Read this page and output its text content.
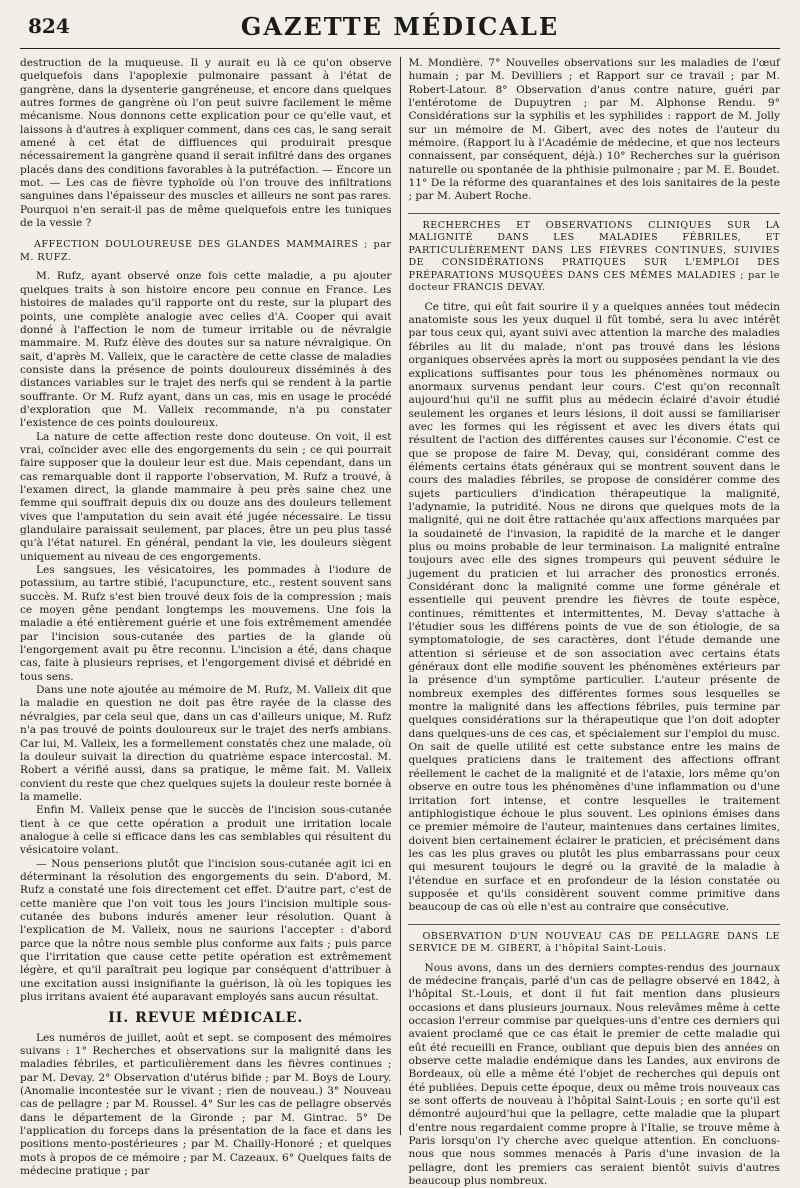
824	GAZETTE MÉDICALE

destruction de la muqueuse. Il y aurait eu là ce qu'on observe quelquefois dans l'apoplexie pulmonaire passant à l'état de gangrène, dans la dysenterie gangréneuse, et encore dans quelques autres formes de gangrène où l'on peut suivre facilement le même mécanisme. Nous donnons cette explication pour ce qu'elle vaut, et laissons à d'autres à expliquer comment, dans ces cas, le sang serait amené à cet état de diffluences qui produirait presque nécessairement la gangrène quand il serait infiltré dans des organes placés dans des conditions favorables à la putréfaction. — Encore un mot. — Les cas de fièvre typhoïde où l'on trouve des infiltrations sanguines dans l'épaisseur des muscles et ailleurs ne sont pas rares. Pourquoi n'en serait-il pas de même quelquefois entre les tuniques de la vessie ?

AFFECTION DOULOUREUSE DES GLANDES MAMMAIRES ; par M. RUFZ.

M. Rufz, ayant observé onze fois cette maladie, a pu ajouter quelques traits à son histoire encore peu connue en France. Les histoires de malades qu'il rapporte ont du reste, sur la plupart des points, une complète analogie avec celles d'A. Cooper qui avait donné à l'affection le nom de tumeur irritable ou de névralgie mammaire. M. Rufz élève des doutes sur sa nature névralgique. On sait, d'après M. Valleix, que le caractère de cette classe de maladies consiste dans la présence de points douloureux disséminés à des distances variables sur le trajet des nerfs qui se rendent à la partie souffrante. Or M. Rufz ayant, dans un cas, mis en usage le procédé d'exploration que M. Valleix recommande, n'a pu constater l'existence de ces points douloureux.

La nature de cette affection reste donc douteuse. On voit, il est vrai, coïncider avec elle des engorgements du sein ; ce qui pourrait faire supposer que la douleur leur est due. Mais cependant, dans un cas remarquable dont il rapporte l'observation, M. Rufz a trouvé, à l'examen direct, la glande mammaire à peu près saine chez une femme qui souffrait depuis dix ou douze ans des douleurs tellement vives que l'amputation du sein avait été jugée nécessaire. Le tissu glandulaire paraissait seulement, par places, être un peu plus tassé qu'à l'état naturel. En général, pendant la vie, les douleurs siègent uniquement au niveau de ces engorgements.

Les sangsues, les vésicatoires, les pommades à l'iodure de potassium, au tartre stibié, l'acupuncture, etc., restent souvent sans succès. M. Rufz s'est bien trouvé deux fois de la compression ; mais ce moyen gêne pendant longtemps les mouvemens. Une fois la maladie a été entièrement guérie et une fois extrêmement amendée par l'incision sous-cutanée des parties de la glande où l'engorgement avait pu être reconnu. L'incision a été, dans chaque cas, faite à plusieurs reprises, et l'engorgement divisé et débridé en tous sens.

Dans une note ajoutée au mémoire de M. Rufz, M. Valleix dit que la maladie en question ne doit pas être rayée de la classe des névralgies, par cela seul que, dans un cas d'ailleurs unique, M. Rufz n'a pas trouvé de points douloureux sur le trajet des nerfs ambians. Car lui, M. Valleix, les a formellement constatés chez une malade, où la douleur suivait la direction du quatrième espace intercostal. M. Robert a vérifié aussi, dans sa pratique, le même fait. M. Valleix convient du reste que chez quelques sujets la douleur reste bornée à la mamelle.

Enfin M. Valleix pense que le succès de l'incision sous-cutanée tient à ce que cette opération a produit une irritation locale analogue à celle si efficace dans les cas semblables qui résultent du vésicatoire volant.

— Nous penserions plutôt que l'incision sous-cutanée agit ici en déterminant la résolution des engorgements du sein. D'abord, M. Rufz a constaté une fois directement cet effet. D'autre part, c'est de cette manière que l'on voit tous les jours l'incision multiple sous-cutanée des bubons indurés amener leur résolution. Quant à l'explication de M. Valleix, nous ne saurions l'accepter : d'abord parce que la nôtre nous semble plus conforme aux faits ; puis parce que l'irritation que cause cette petite opération est extrêmement légère, et qu'il paraîtrait peu logique par conséquent d'attribuer à une excitation aussi insignifiante la guérison, là où les topiques les plus irritans avaient été auparavant employés sans aucun résultat.

II. REVUE MÉDICALE.

Les numéros de juillet, août et sept. se composent des mémoires suivans : 1° Recherches et observations sur la malignité dans les maladies fébriles, et particulièrement dans les fièvres continues ; par M. Devay. 2° Observation d'utérus bifide ; par M. Boys de Loury. (Anomalie incontestée sur le vivant ; rien de nouveau.) 3° Nouveau cas de pellagre ; par M. Roussel. 4° Sur les cas de pellagre observés dans le département de la Gironde ; par M. Gintrac. 5° De l'application du forceps dans la présentation de la face et dans les positions mento-postérieures ; par M. Chailly-Honoré ; et quelques mots à propos de ce mémoire ; par M. Cazeaux. 6° Quelques faits de médecine pratique ; par

M. Mondière. 7° Nouvelles observations sur les maladies de l'œuf humain ; par M. Devilliers ; et Rapport sur ce travail ; par M. Robert-Latour. 8° Observation d'anus contre nature, guéri par l'entérotome de Dupuytren ; par M. Alphonse Rendu. 9° Considérations sur la syphilis et les syphilides : rapport de M. Jolly sur un mémoire de M. Gibert, avec des notes de l'auteur du mémoire. (Rapport lu à l'Académie de médecine, et que nos lecteurs connaissent, par conséquent, déjà.) 10° Recherches sur la guérison naturelle ou spontanée de la phthisie pulmonaire ; par M. E. Boudet. 11° De la réforme des quarantaines et des lois sanitaires de la peste ; par M. Aubert Roche.

RECHERCHES ET OBSERVATIONS CLINIQUES SUR LA MALIGNITÉ DANS LES MALADIES FÉBRILES, ET PARTICULIÈREMENT DANS LES FIÈVRES CONTINUES, SUIVIES DE CONSIDÉRATIONS PRATIQUES SUR L'EMPLOI DES PRÉPARATIONS MUSQUÉES DANS CES MÊMES MALADIES ; par le docteur FRANCIS DEVAY.

Ce titre, qui eût fait sourire il y a quelques années tout médecin anatomiste sous les yeux duquel il fût tombé, sera lu avec intérêt par tous ceux qui, ayant suivi avec attention la marche des maladies fébriles au lit du malade, n'ont pas trouvé dans les lésions organiques observées après la mort ou supposées pendant la vie des explications suffisantes pour tous les phénomènes normaux ou anormaux survenus pendant leur cours. C'est qu'on reconnaît aujourd'hui qu'il ne suffit plus au médecin éclairé d'avoir étudié seulement les organes et leurs lésions, il doit aussi se familiariser avec les formes qui les régissent et avec les divers états qui résultent de l'action des différentes causes sur l'économie. C'est ce que se propose de faire M. Devay, qui, considérant comme des éléments certains états généraux qui se montrent souvent dans le cours des maladies fébriles, se propose de considérer comme des sujets particuliers d'indication thérapeutique la malignité, l'adynamie, la putridité. Nous ne dirons que quelques mots de la malignité, qui ne doit être rattachée qu'aux affections marquées par la soudaineté de l'invasion, la rapidité de la marche et le danger plus ou moins probable de leur terminaison. La malignité entraîne toujours avec elle des signes trompeurs qui peuvent séduire le jugement du praticien et lui arracher des pronostics erronés. Considérant donc la malignité comme une forme générale et essentielle qui peuvent prendre les fièvres de toute espèce, continues, rémittentes et intermittentes, M. Devay s'attache à l'étudier sous les différens points de vue de son étiologie, de sa symptomatologie, de ses caractères, dont l'étude demande une attention si sérieuse et de son association avec certains états généraux dont elle modifie souvent les phénomènes extérieurs par la présence d'un symptôme particulier. L'auteur présente de nombreux exemples des différentes formes sous lesquelles se montre la malignité dans les affections fébriles, puis termine par quelques considérations sur la thérapeutique que l'on doit adopter dans quelques-uns de ces cas, et spécialement sur l'emploi du musc. On sait de quelle utilité est cette substance entre les mains de quelques praticiens dans le traitement des affections offrant réellement le cachet de la malignité et de l'ataxie, lors même qu'on observe en outre tous les phénomènes d'une inflammation ou d'une irritation fort intense, et contre lesquelles le traitement antiphlogistique échoue le plus souvent. Les opinions émises dans ce premier mémoire de l'auteur, maintenues dans certaines limites, doivent bien certainement éclairer le praticien, et précisément dans les cas les plus graves ou plutôt les plus embarrassans pour ceux qui mesurent toujours le degré ou la gravité de la maladie à l'étendue en surface et en profondeur de la lésion constatée ou supposée et qu'ils considèrent souvent comme primitive dans beaucoup de cas où elle n'est au contraire que consécutive.

OBSERVATION D'UN NOUVEAU CAS DE PELLAGRE DANS LE SERVICE DE M. GIBERT, à l'hôpital Saint-Louis.

Nous avons, dans un des derniers comptes-rendus des journaux de médecine français, parlé d'un cas de pellagre observé en 1842, à l'hôpital St.-Louis, et dont il fut fait mention dans plusieurs occasions et dans plusieurs journaux. Nous relevâmes même à cette occasion l'erreur commise par quelques-uns d'entre ces derniers qui avaient proclamé que ce cas était le premier de cette maladie qui eût été recueilli en France, oubliant que depuis bien des années on observe cette maladie endémique dans les Landes, aux environs de Bordeaux, où elle a même été l'objet de recherches qui depuis ont été publiées. Depuis cette époque, deux ou même trois nouveaux cas se sont offerts de nouveau à l'hôpital Saint-Louis ; en sorte qu'il est démontré aujourd'hui que la pellagre, cette maladie que la plupart d'entre nous regardaient comme propre à l'Italie, se trouve même à Paris lorsqu'on l'y cherche avec quelque attention. En concluons-nous que nous sommes menacés à Paris d'une invasion de la pellagre, dont les premiers cas seraient bientôt suivis d'autres beaucoup plus nombreux.
